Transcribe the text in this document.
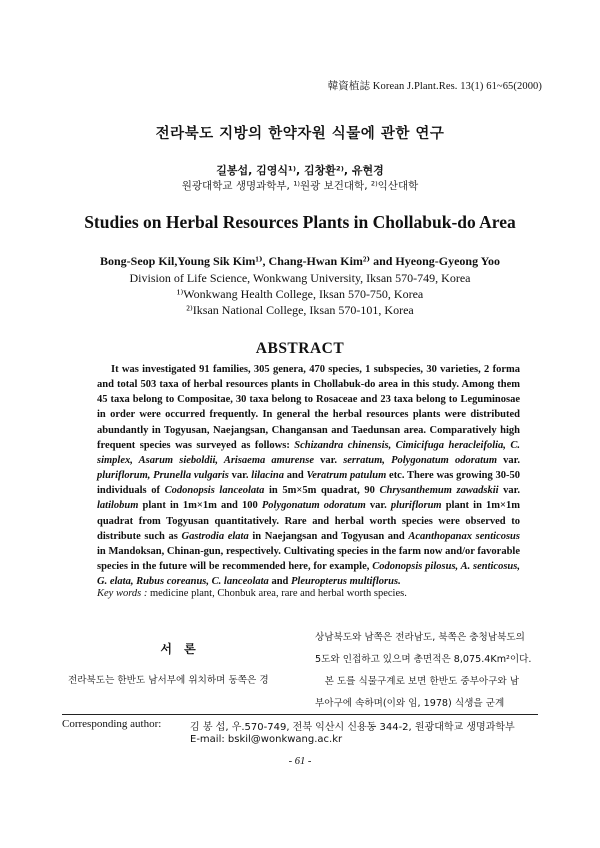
韓資植誌 Korean J.Plant.Res. 13(1) 61~65(2000)
전라북도 지방의 한약자원 식물에 관한 연구
길봉섭, 김영식¹⁾, 김창환²⁾, 유현경
원광대학교 생명과학부, ¹⁾원광 보건대학, ²⁾익산대학
Studies on Herbal Resources Plants in Chollabuk-do Area
Bong-Seop Kil,Young Sik Kim¹⁾, Chang-Hwan Kim²⁾ and Hyeong-Gyeong Yoo
Division of Life Science, Wonkwang University, Iksan 570-749, Korea
¹⁾Wonkwang Health College, Iksan 570-750, Korea
²⁾Iksan National College, Iksan 570-101, Korea
ABSTRACT
It was investigated 91 families, 305 genera, 470 species, 1 subspecies, 30 varieties, 2 forma and total 503 taxa of herbal resources plants in Chollabuk-do area in this study. Among them 45 taxa belong to Compositae, 30 taxa belong to Rosaceae and 23 taxa belong to Leguminosae in order were occurred frequently. In general the herbal resources plants were distributed abundantly in Togyusan, Naejangsan, Changansan and Taedunsan area. Comparatively high frequent species was surveyed as follows: Schizandra chinensis, Cimicifuga heracleifolia, C. simplex, Asarum sieboldii, Arisaema amurense var. serratum, Polygonatum odoratum var. pluriflorum, Prunella vulgaris var. lilacina and Veratrum patulum etc. There was growing 30-50 individuals of Codonopsis lanceolata in 5m×5m quadrat, 90 Chrysanthemum zawadskii var. latilobum plant in 1m×1m and 100 Polygonatum odoratum var. pluriflorum plant in 1m×1m quadrat from Togyusan quantitatively. Rare and herbal worth species were observed to distribute such as Gastrodia elata in Naejangsan and Togyusan and Acanthopanax senticosus in Mandoksan, Chinan-gun, respectively. Cultivating species in the farm now and/or favorable species in the future will be recommended here, for example, Codonopsis pilosus, A. senticosus, G. elata, Rubus coreanus, C. lanceolata and Pleuropterus multiflorus.
Key words : medicine plant, Chonbuk area, rare and herbal worth species.
서 론
전라북도는 한반도 남서부에 위치하며 동쪽은 경
상남북도와 남쪽은 전라남도, 북쪽은 충청남북도의
5도와 인접하고 있으며 총면적은 8,075.4Km²이다.
　본 도를 식물구계로 보면 한반도 중부아구와 남
부아구에 속하며(이와 임, 1978) 식생을 군계
Corresponding author:	김 봉 섭, 우.570-749, 전북 익산시 신용동 344-2, 원광대학교 생명과학부
E-mail: bskil@wonkwang.ac.kr
- 61 -
